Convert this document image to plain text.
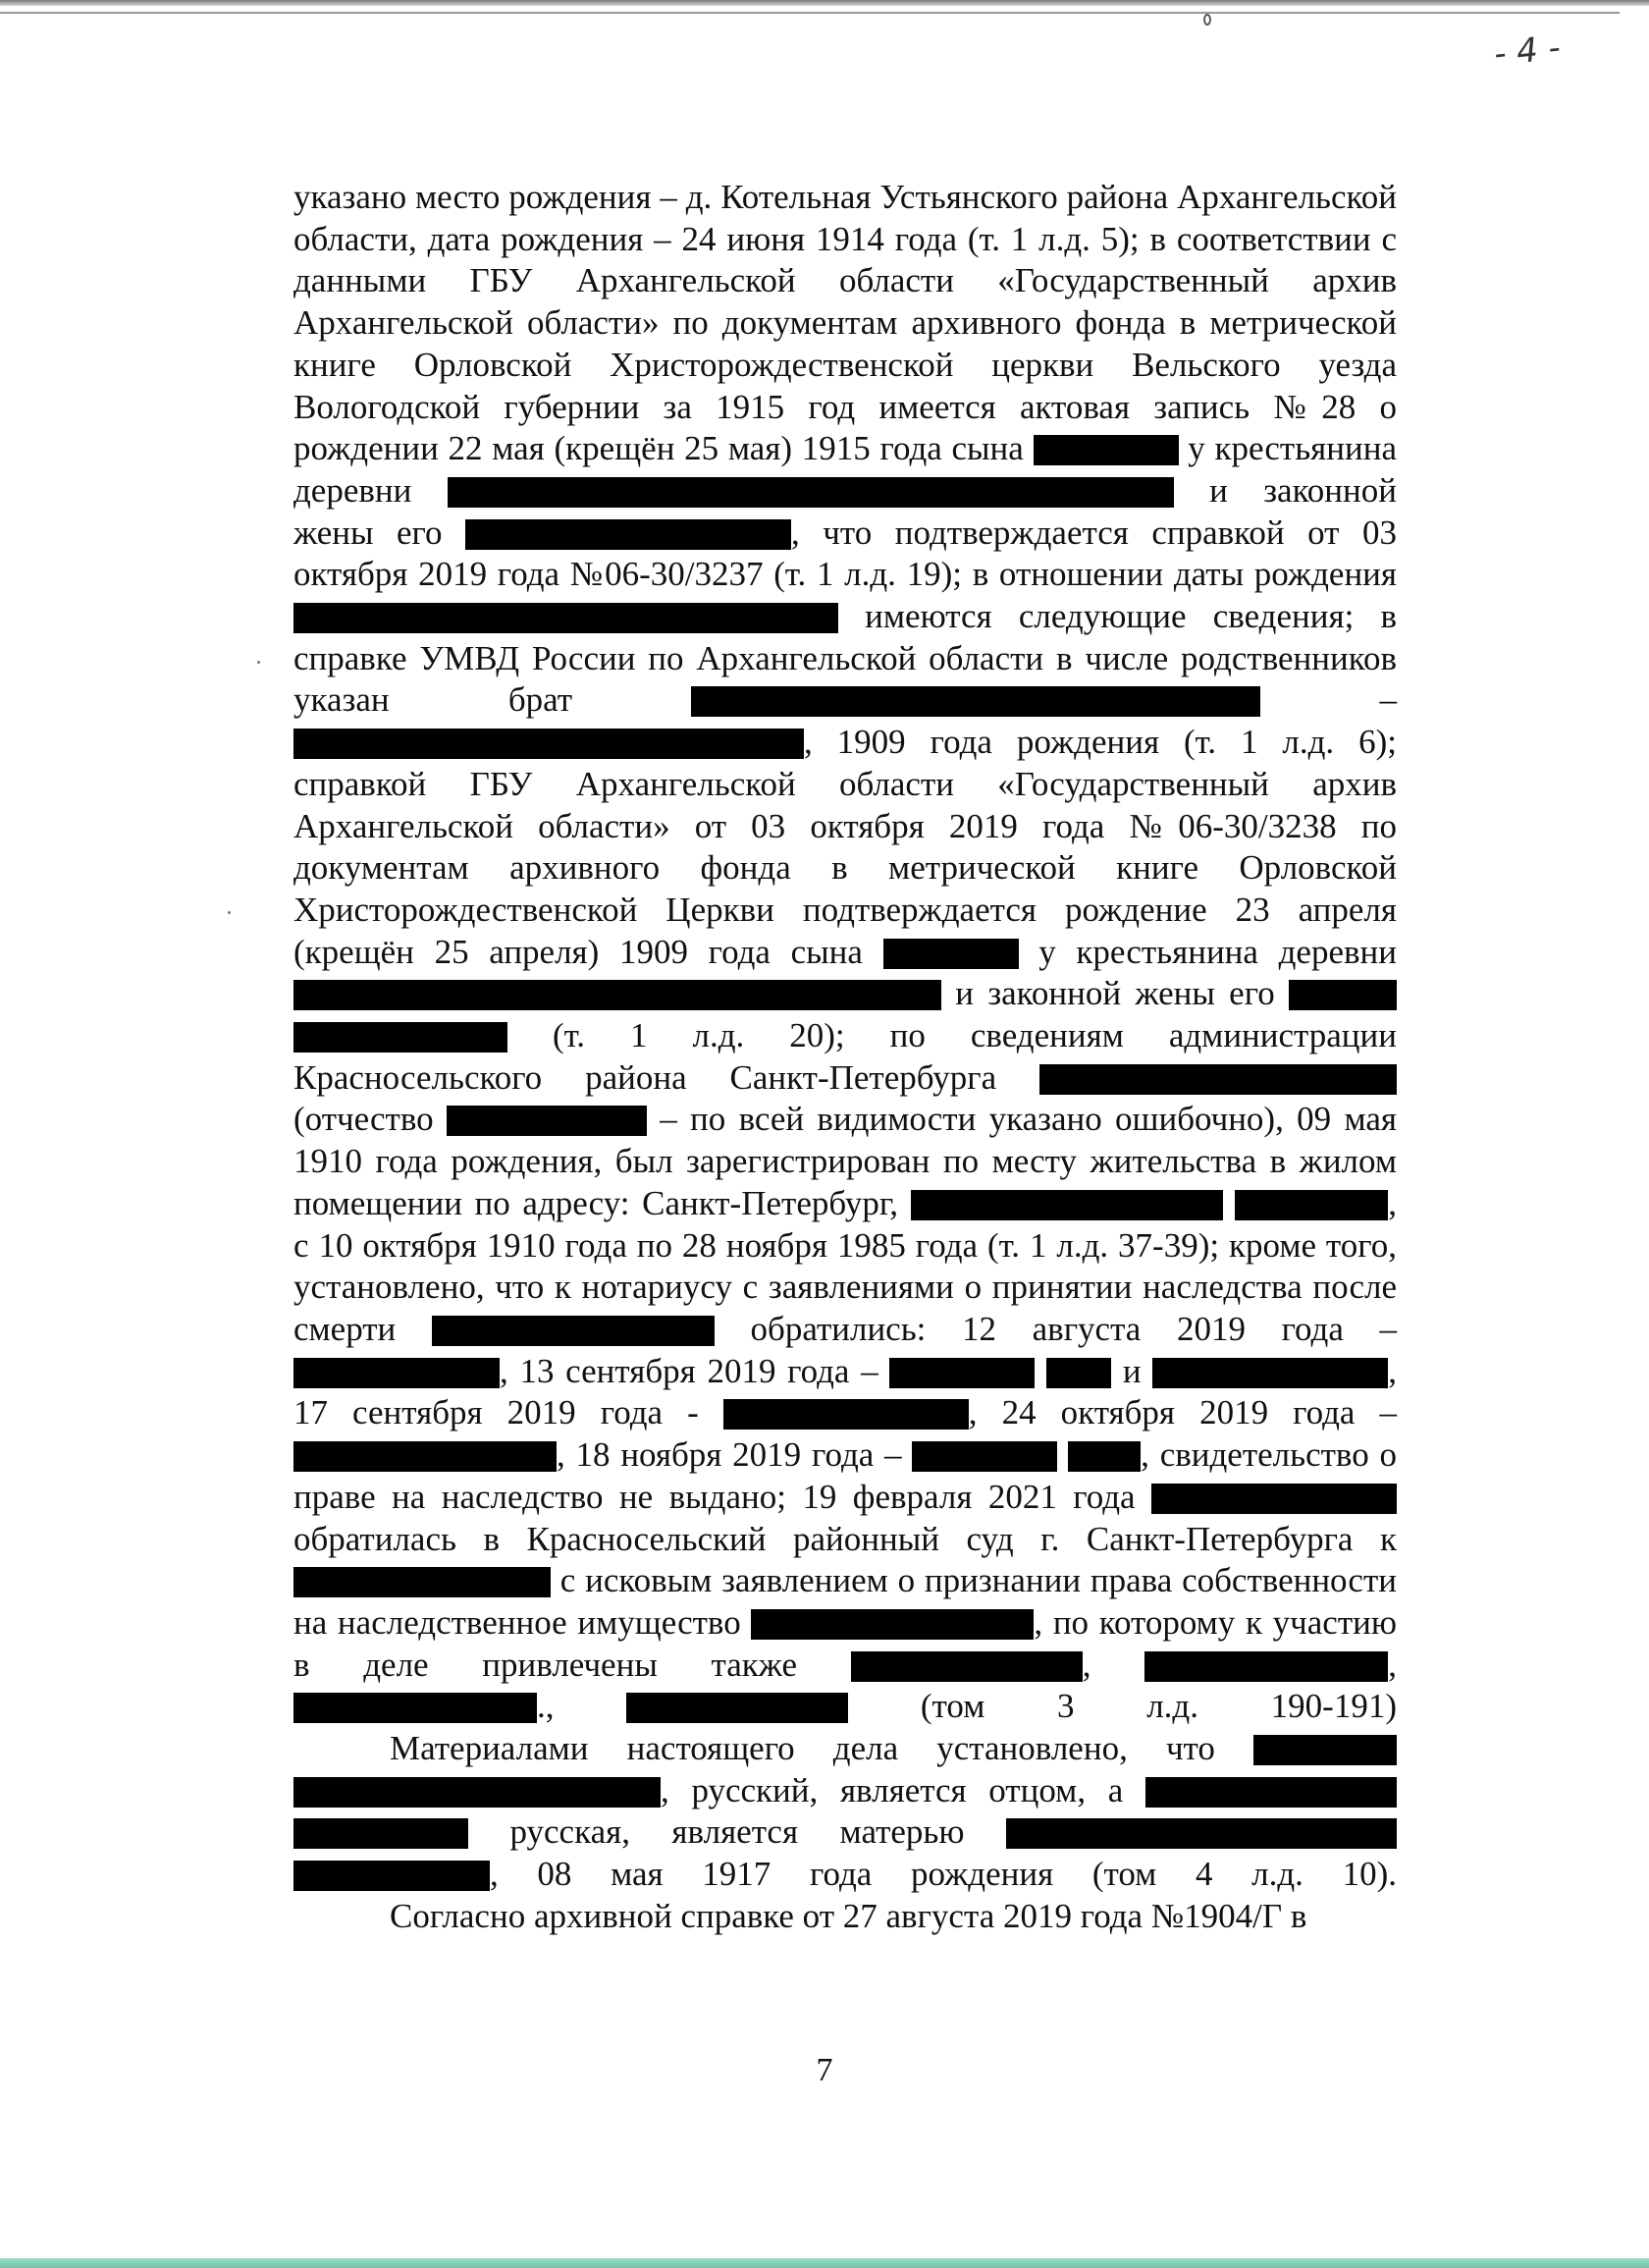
- 4 -

указано место рождения – д. Котельная Устьянского района Архангельской области, дата рождения – 24 июня 1914 года (т. 1 л.д. 5); в соответствии с данными ГБУ Архангельской области «Государственный архив Архангельской области» по документам архивного фонда в метрической книге Орловской Христорождественской церкви Вельского уезда Вологодской губернии за 1915 год имеется актовая запись №28 о рождении 22 мая (крещён 25 мая) 1915 года сына	у крестьянина деревни	и законной жены его	, что подтверждается справкой от 03 октября 2019 года №06-30/3237 (т. 1 л.д. 19); в отношении даты рождения  имеются следующие сведения; в справке УМВД России по Архангельской области в числе родственников указан брат	– , 1909 года рождения (т. 1 л.д. 6); справкой ГБУ Архангельской области «Государственный архив Архангельской области» от 03 октября 2019 года №06-30/3238 по документам архивного фонда в метрической книге Орловской Христорождественской Церкви подтверждается рождение 23 апреля (крещён 25 апреля) 1909 года сына	у крестьянина деревни  и законной жены его   (т. 1 л.д. 20); по сведениям администрации Красносельского района Санкт-Петербурга  (отчество	– по всей видимости указано ошибочно), 09 мая 1910 года рождения, был зарегистрирован по месту жительства в жилом помещении по адресу: Санкт-Петербург,	, с 10 октября 1910 года по 28 ноября 1985 года (т. 1 л.д. 37-39); кроме того, установлено, что к нотариусу с заявлениями о принятии наследства после смерти	обратились: 12 августа 2019 года – , 13 сентября 2019 года –	и	, 17 сентября 2019 года -	, 24 октября 2019 года – , 18 ноября 2019 года –	, свидетельство о праве на наследство не выдано; 19 февраля 2021 года  обратилась в Красносельский районный суд г. Санкт-Петербурга к  с исковым заявлением о признании права собственности на наследственное имущество	, по которому к участию в деле привлечены также	,	, .,	(том 3 л.д. 190-191)

Материалами настоящего дела установлено, что  , русский, является отцом, а   русская, является матерью  , 08 мая 1917 года рождения (том 4 л.д. 10).

Согласно архивной справке от 27 августа 2019 года №1904/Г в

7
